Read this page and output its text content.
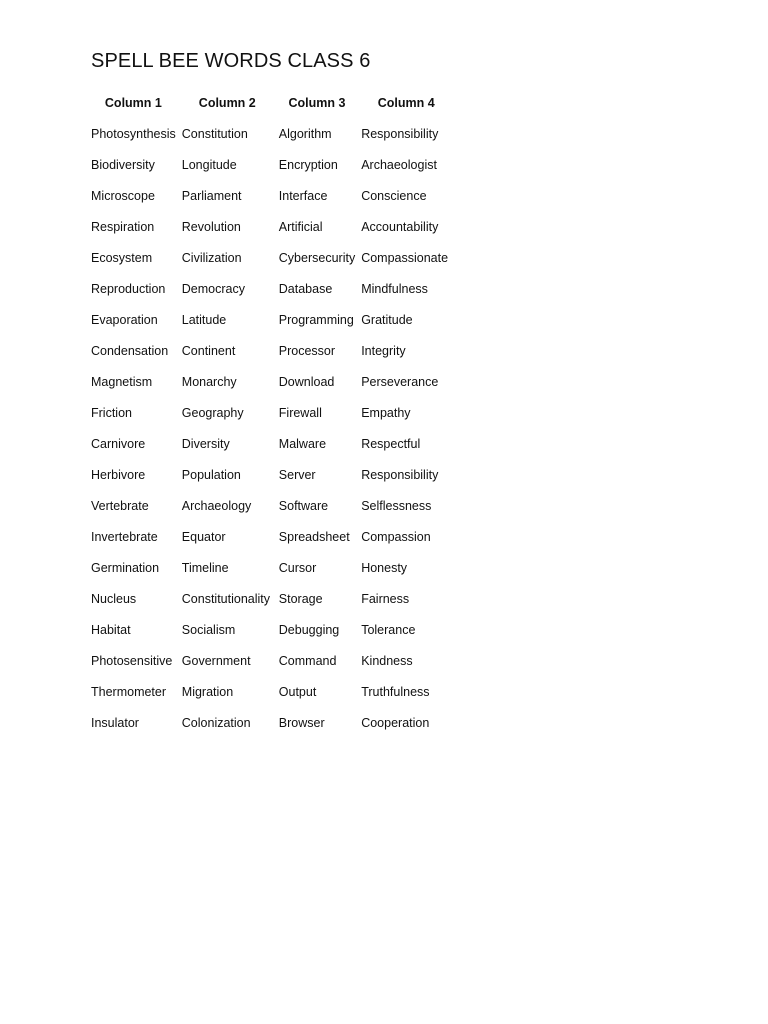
SPELL BEE WORDS CLASS 6
Column 1	Column 2	Column 3	Column 4
Photosynthesis	Constitution	Algorithm	Responsibility
Biodiversity	Longitude	Encryption	Archaeologist
Microscope	Parliament	Interface	Conscience
Respiration	Revolution	Artificial	Accountability
Ecosystem	Civilization	Cybersecurity	Compassionate
Reproduction	Democracy	Database	Mindfulness
Evaporation	Latitude	Programming	Gratitude
Condensation	Continent	Processor	Integrity
Magnetism	Monarchy	Download	Perseverance
Friction	Geography	Firewall	Empathy
Carnivore	Diversity	Malware	Respectful
Herbivore	Population	Server	Responsibility
Vertebrate	Archaeology	Software	Selflessness
Invertebrate	Equator	Spreadsheet	Compassion
Germination	Timeline	Cursor	Honesty
Nucleus	Constitutionality	Storage	Fairness
Habitat	Socialism	Debugging	Tolerance
Photosensitive	Government	Command	Kindness
Thermometer	Migration	Output	Truthfulness
Insulator	Colonization	Browser	Cooperation
